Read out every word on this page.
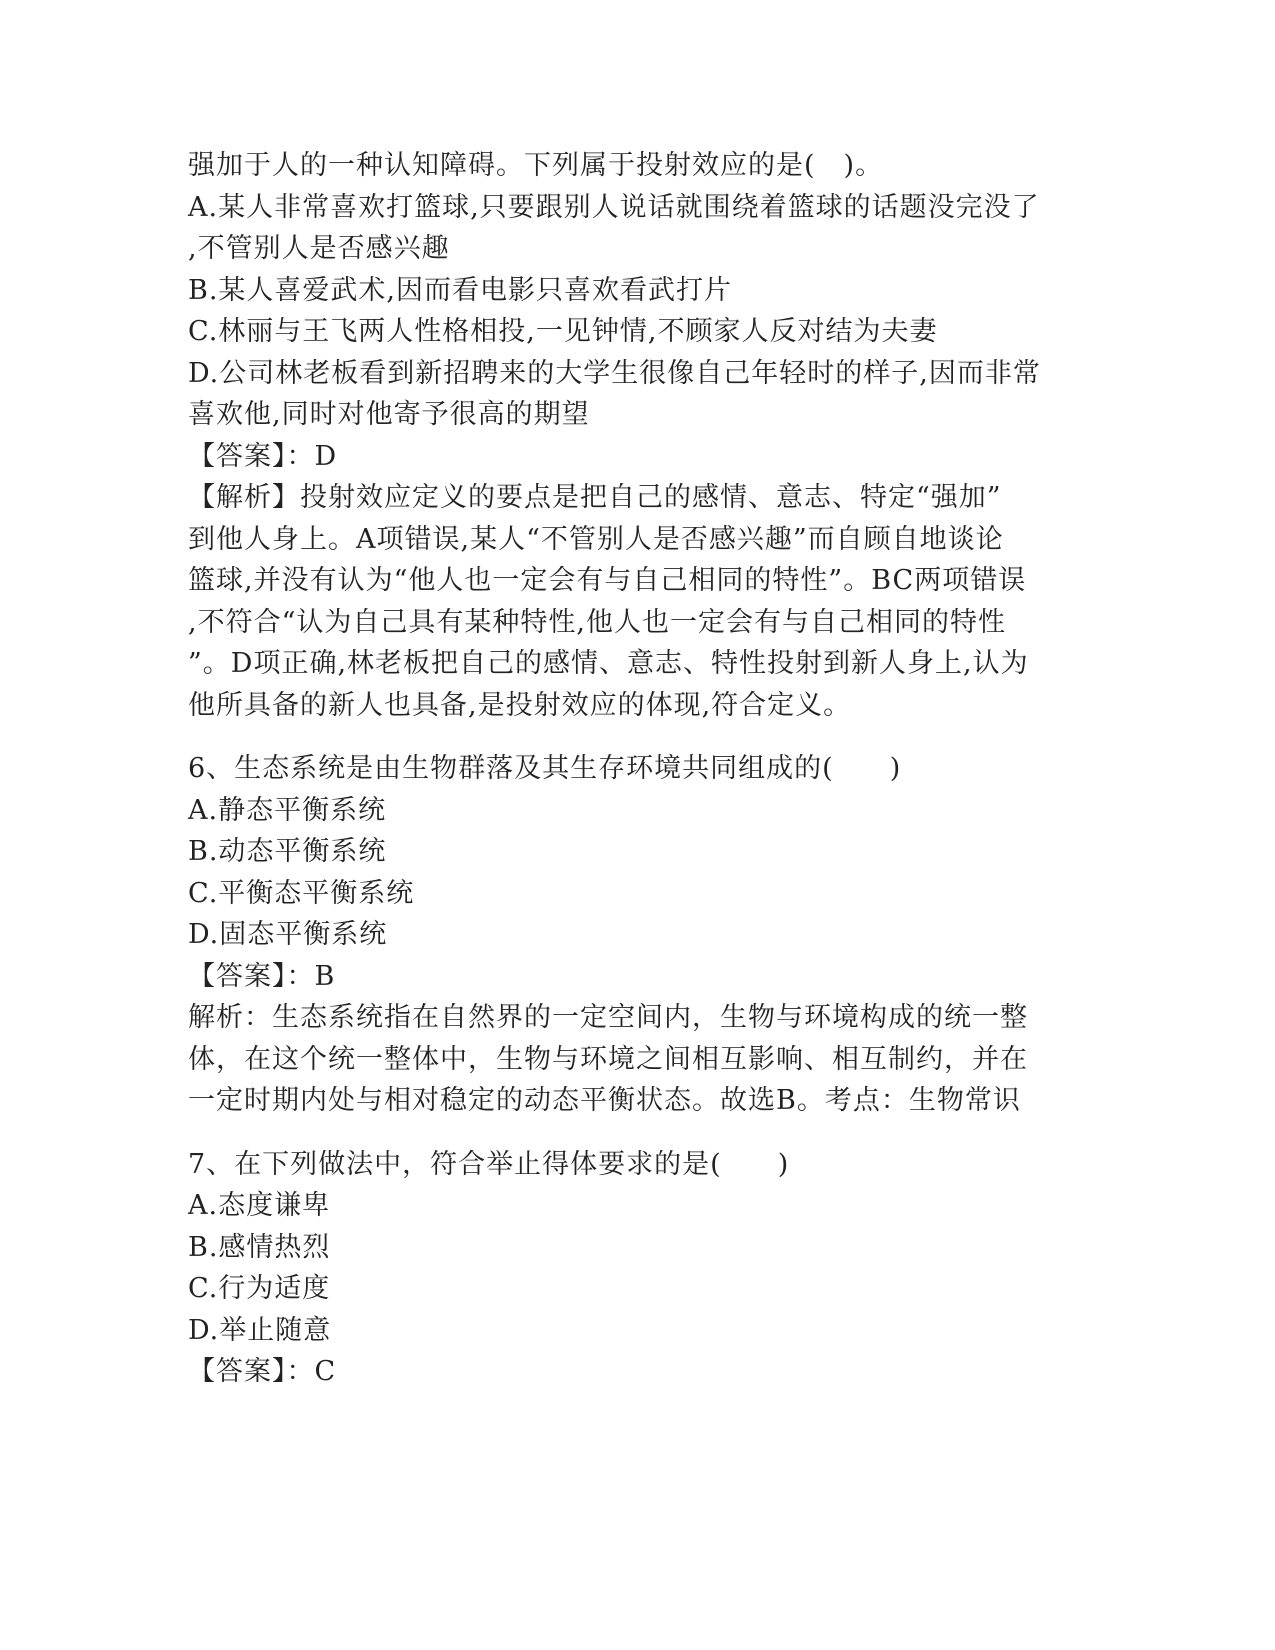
强加于人的一种认知障碍。下列属于投射效应的是(　)。
A.某人非常喜欢打篮球,只要跟别人说话就围绕着篮球的话题没完没了
,不管别人是否感兴趣
B.某人喜爱武术,因而看电影只喜欢看武打片
C.林丽与王飞两人性格相投,一见钟情,不顾家人反对结为夫妻
D.公司林老板看到新招聘来的大学生很像自己年轻时的样子,因而非常
喜欢他,同时对他寄予很高的期望
【答案】：D
【解析】投射效应定义的要点是把自己的感情、意志、特定“强加”
到他人身上。A项错误,某人“不管别人是否感兴趣”而自顾自地谈论
篮球,并没有认为“他人也一定会有与自己相同的特性”。BC两项错误
,不符合“认为自己具有某种特性,他人也一定会有与自己相同的特性
”。D项正确,林老板把自己的感情、意志、特性投射到新人身上,认为
他所具备的新人也具备,是投射效应的体现,符合定义。
6、生态系统是由生物群落及其生存环境共同组成的(　　)
A.静态平衡系统
B.动态平衡系统
C.平衡态平衡系统
D.固态平衡系统
【答案】：B
解析：生态系统指在自然界的一定空间内，生物与环境构成的统一整
体，在这个统一整体中，生物与环境之间相互影响、相互制约，并在
一定时期内处与相对稳定的动态平衡状态。故选B。考点：生物常识
7、在下列做法中，符合举止得体要求的是(　　)
A.态度谦卑
B.感情热烈
C.行为适度
D.举止随意
【答案】：C
